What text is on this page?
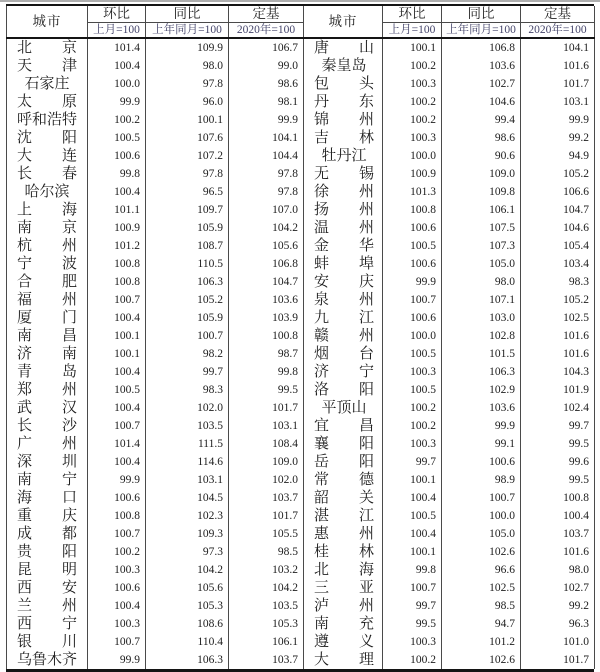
城市	环比	同比	定基	城市	环比	同比	定基
	上月=100	上年同月=100	2020年=100		上月=100	上年同月=100	2020年=100

北 京	101.4	109.9	106.7	唐 山	100.1	106.8	104.1

天 津	100.4	98.0	99.0	秦皇岛	100.2	103.6	101.6
石家庄	100.0	97.8	98.6	包 头	100.3	102.7	101.7

太 原	99.9	96.0	98.1	丹 东	100.2	104.6	103.1
呼和浩特	100.2	100.1	99.9	锦 州	100.2	99.4	99.9

沈 阳	100.5	107.6	104.1	吉 林	100.3	98.6	99.2

大 连	100.6	107.2	104.4	牡丹江	100.0	90.6	94.9

长 春	99.8	97.8	97.8	无 锡	100.9	109.0	105.2
哈尔滨	100.4	96.5	97.8	徐 州	101.3	109.8	106.6

上 海	101.1	109.7	107.0	扬 州	100.8	106.1	104.7

南 京	100.9	105.9	104.2	温 州	100.6	107.5	104.6

杭 州	101.2	108.7	105.6	金 华	100.5	107.3	105.4

宁 波	100.8	110.5	106.8	蚌 埠	100.6	105.0	103.4

合 肥	100.8	106.3	104.7	安 庆	99.9	98.0	98.3

福 州	100.7	105.2	103.6	泉 州	100.7	107.1	105.2

厦 门	100.4	105.9	103.9	九 江	100.6	103.0	102.5

南 昌	100.1	100.7	100.8	赣 州	100.0	102.8	101.6

济 南	100.1	98.2	98.7	烟 台	100.5	101.5	101.6

青 岛	100.4	99.7	99.8	济 宁	100.3	106.3	104.3

郑 州	100.5	98.3	99.5	洛 阳	100.5	102.9	101.9

武 汉	100.4	102.0	101.7	平顶山	100.2	103.6	102.4

长 沙	100.7	103.5	103.1	宜 昌	100.2	99.9	99.7

广 州	101.4	111.5	108.4	襄 阳	100.3	99.1	99.5

深 圳	100.4	114.6	109.0	岳 阳	99.7	100.6	99.6

南 宁	99.9	103.1	102.0	常 德	100.1	98.9	99.5

海 口	100.6	104.5	103.7	韶 关	100.4	100.7	100.8

重 庆	100.8	102.3	101.7	湛 江	100.5	100.0	100.4

成 都	100.7	109.3	105.5	惠 州	100.4	105.0	103.7

贵 阳	100.2	97.3	98.5	桂 林	100.1	102.6	101.6

昆 明	100.3	104.2	103.2	北 海	99.8	96.6	98.0

西 安	100.6	105.6	104.2	三 亚	100.7	102.5	102.7

兰 州	100.4	105.3	103.5	泸 州	99.7	98.5	99.2

西 宁	100.3	108.6	105.3	南 充	99.5	94.7	96.3

银 川	100.7	110.4	106.1	遵 义	100.3	101.2	101.0
乌鲁木齐	99.9	106.3	103.7	大 理	100.2	102.6	101.7
